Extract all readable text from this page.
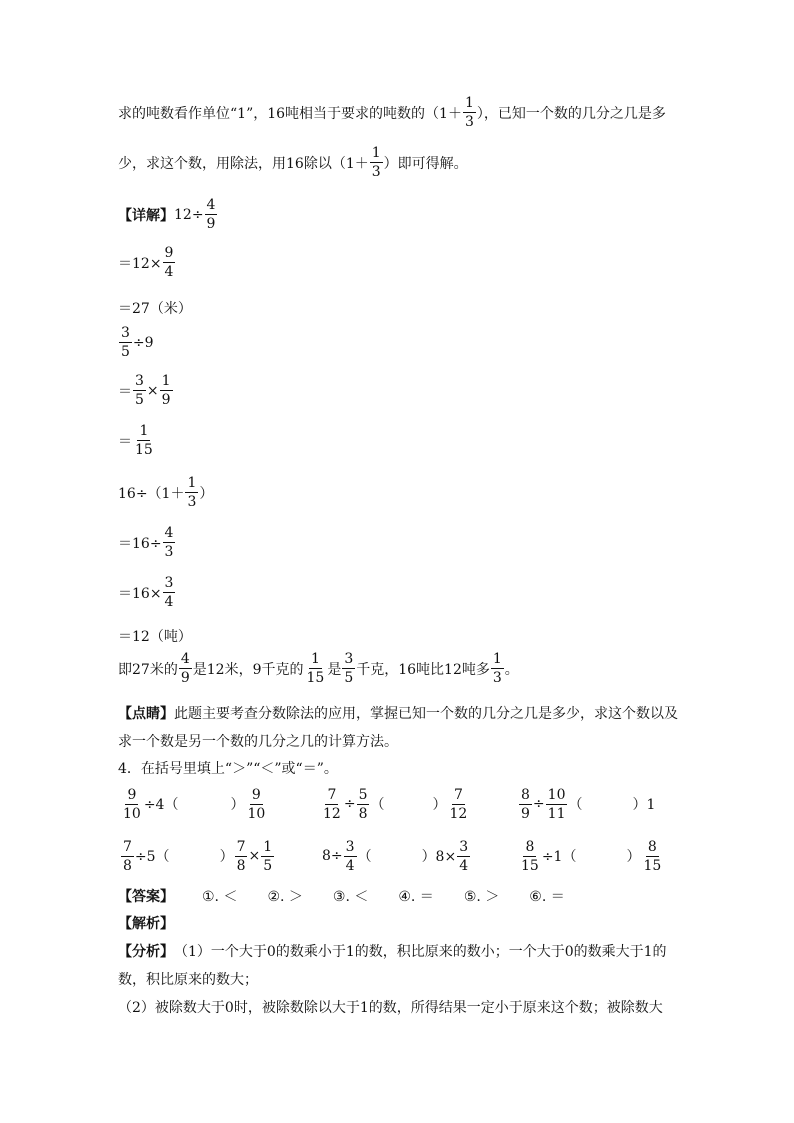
求的吨数看作单位“1”，16吨相当于要求的吨数的（$1+ \frac{1}{3}$ ），已知一个数的几分之几是多
少，求这个数，用除法，用16除以（$1+ \frac{1}{3}$ ）即可得解。
【详解】 $12\div \frac{4}{9}$
$=12\times \frac{9}{4}$
＝27（米）
$\frac{3}{5} \div 9$
＝ $\frac{3}{5} \times \frac{1}{9}$
＝ $\frac{1}{15}$
$16\div(1+ \frac{1}{3}$ ）
$=16\div \frac{4}{3}$
$=16\times \frac{3}{4}$
＝12（吨）
即27米的 $\frac{4}{9}$ 是12米，9千克的 $\frac{1}{15}$ 是 $\frac{3}{5}$ 千克，16吨比12吨多 $\frac{1}{3}$ 。
【点睛】 此题主要考查分数除法的应用，掌握已知一个数的几分之几是多少，求这个数以及
求一个数是另一个数的几分之几的计算方法。
4．在括号里填上“＞”“＜”或“＝”。
$\frac{9}{10} \div 4$（	） $\frac{9}{10}$	$\frac{7}{12} \div \frac{5}{8}$ （	） $\frac{7}{12}$	$\frac{8}{9} \div \frac{10}{11}$ （	）1
$\frac{7}{8} \div 5$（	） $\frac{7}{8} \times \frac{1}{5}$	$8\div \frac{3}{4}$ （	）$8\times \frac{3}{4}$	$\frac{8}{15} \div 1$（	） $\frac{8}{15}$
【答案】 ①. ＜ ②. ＞ ③. ＜ ④. ＝ ⑤. ＞ ⑥. ＝
【解析】
【分析】 （1）一个大于0的数乘小于1的数，积比原来的数小；一个大于0的数乘大于1的
数，积比原来的数大；
（2）被除数大于0时，被除数除以大于1的数，所得结果一定小于原来这个数；被除数大
